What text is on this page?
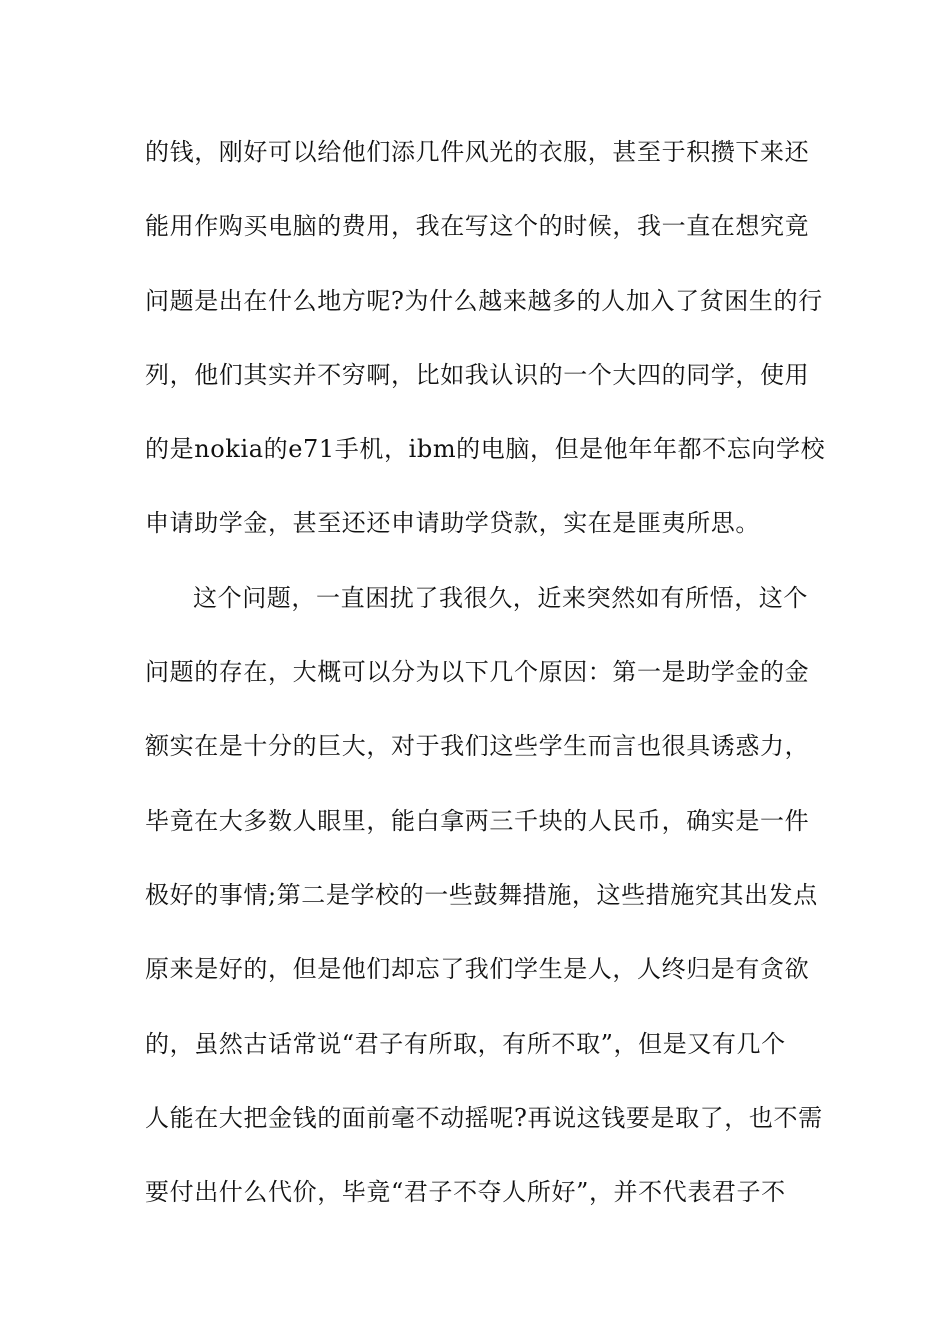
的钱，刚好可以给他们添几件风光的衣服，甚至于积攒下来还
能用作购买电脑的费用，我在写这个的时候，我一直在想究竟
问题是出在什么地方呢?为什么越来越多的人加入了贫困生的行
列，他们其实并不穷啊，比如我认识的一个大四的同学，使用
的是nokia的e71手机，ibm的电脑，但是他年年都不忘向学校
申请助学金，甚至还还申请助学贷款，实在是匪夷所思。
这个问题，一直困扰了我很久，近来突然如有所悟，这个
问题的存在，大概可以分为以下几个原因：第一是助学金的金
额实在是十分的巨大，对于我们这些学生而言也很具诱惑力，
毕竟在大多数人眼里，能白拿两三千块的人民币，确实是一件
极好的事情;第二是学校的一些鼓舞措施，这些措施究其出发点
原来是好的，但是他们却忘了我们学生是人，人终归是有贪欲
的，虽然古话常说“君子有所取，有所不取”，但是又有几个
人能在大把金钱的面前毫不动摇呢?再说这钱要是取了，也不需
要付出什么代价，毕竟“君子不夺人所好”，并不代表君子不
